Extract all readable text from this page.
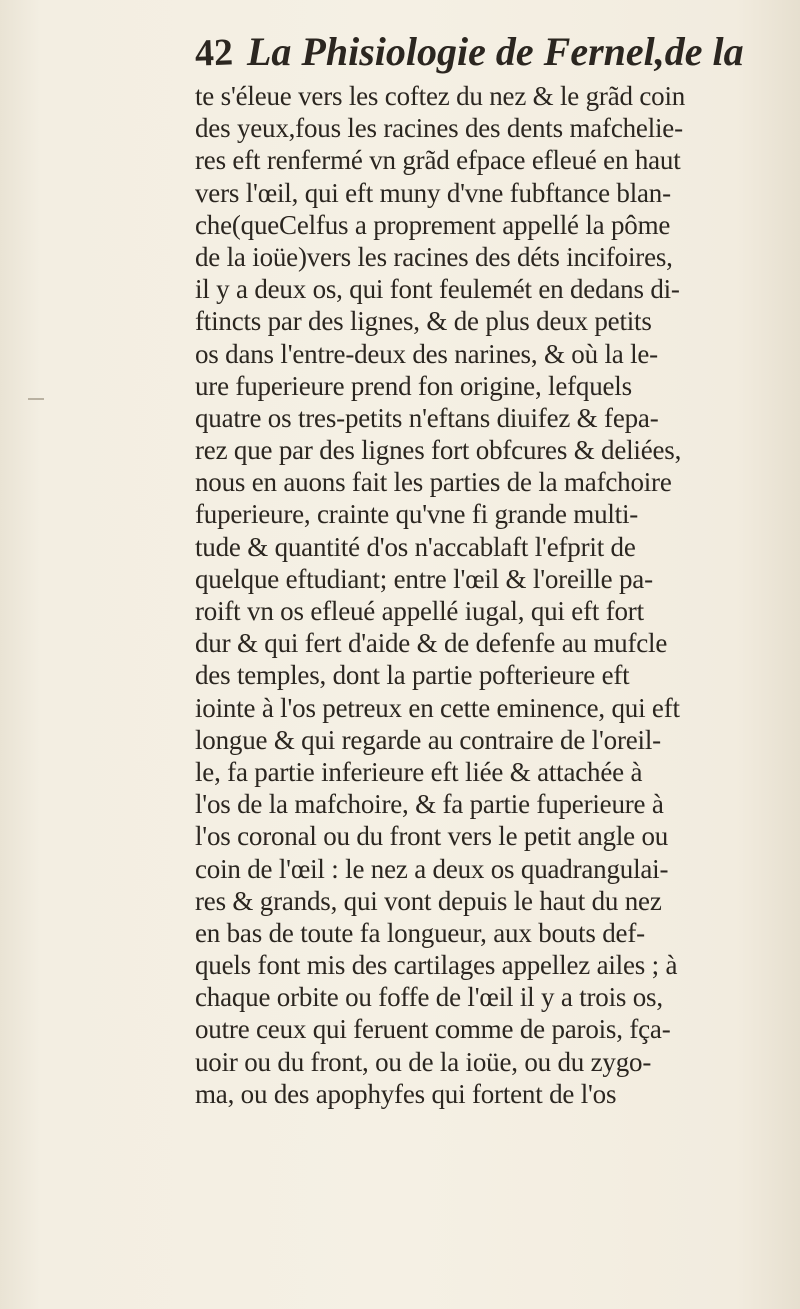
42 La Phisiologie de Fernel,de la
te s'éleue vers les coftez du nez & le grãd coin
des yeux,fous les racines des dents mafchelie-
res eft renfermé vn grãd efpace efleué en haut
vers l'œil, qui eft muny d'vne fubftance blan-
che(queCelfus a proprement appellé la pôme
de la ioüe)vers les racines des déts incifoires,
il y a deux os, qui font feulemét en dedans di-
ftincts par des lignes, & de plus deux petits
os dans l'entre-deux des narines, & où la le-
ure fuperieure prend fon origine, lefquels
quatre os tres-petits n'eftans diuifez & fepa-
rez que par des lignes fort obfcures & deliées,
nous en auons fait les parties de la mafchoire
fuperieure, crainte qu'vne fi grande multi-
tude & quantité d'os n'accablaft l'efprit de
quelque eftudiant; entre l'œil & l'oreille pa-
roift vn os efleué appellé iugal, qui eft fort
dur & qui fert d'aide & de defenfe au mufcle
des temples, dont la partie pofterieure eft
iointe à l'os petreux en cette eminence, qui eft
longue & qui regarde au contraire de l'oreil-
le, fa partie inferieure eft liée & attachée à
l'os de la mafchoire, & fa partie fuperieure à
l'os coronal ou du front vers le petit angle ou
coin de l'œil : le nez a deux os quadrangulai-
res & grands, qui vont depuis le haut du nez
en bas de toute fa longueur, aux bouts def-
quels font mis des cartilages appellez ailes ; à
chaque orbite ou foffe de l'œil il y a trois os,
outre ceux qui feruent comme de parois, fça-
uoir ou du front, ou de la ioüe, ou du zygo-
ma, ou des apophyfes qui fortent de l'os
